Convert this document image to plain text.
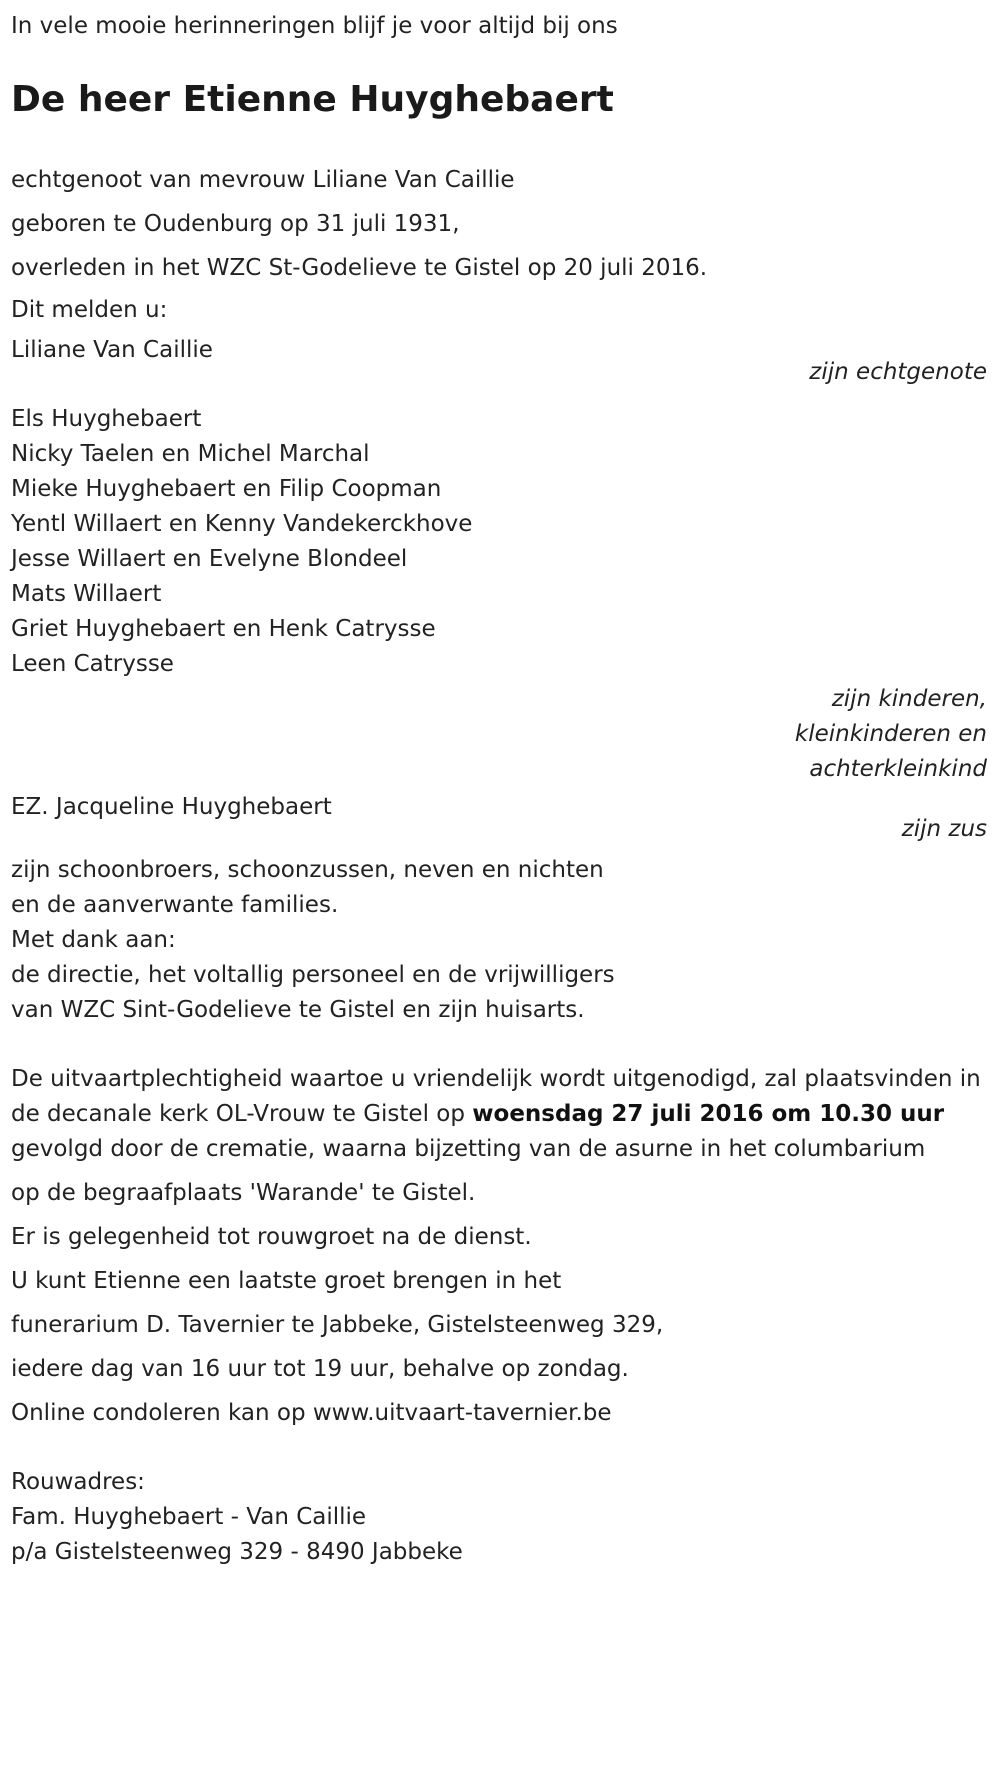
In vele mooie herinneringen blijf je voor altijd bij ons
De heer Etienne Huyghebaert
echtgenoot van mevrouw Liliane Van Caillie
geboren te Oudenburg op 31 juli 1931,
overleden in het WZC St-Godelieve te Gistel op 20 juli 2016.
Dit melden u:
Liliane Van Caillie
zijn echtgenote
Els Huyghebaert
Nicky Taelen en Michel Marchal
Mieke Huyghebaert en Filip Coopman
Yentl Willaert en Kenny Vandekerckhove
Jesse Willaert en Evelyne Blondeel
Mats Willaert
Griet Huyghebaert en Henk Catrysse
Leen Catrysse
zijn kinderen,
kleinkinderen en
achterkleinkind
EZ. Jacqueline Huyghebaert
zijn zus
zijn schoonbroers, schoonzussen, neven en nichten
en de aanverwante families.
Met dank aan:
de directie, het voltallig personeel en de vrijwilligers
van WZC Sint-Godelieve te Gistel en zijn huisarts.
De uitvaartplechtigheid waartoe u vriendelijk wordt uitgenodigd, zal plaatsvinden in de decanale kerk OL-Vrouw te Gistel op woensdag 27 juli 2016 om 10.30 uur gevolgd door de crematie, waarna bijzetting van de asurne in het columbarium
op de begraafplaats 'Warande' te Gistel.
Er is gelegenheid tot rouwgroet na de dienst.
U kunt Etienne een laatste groet brengen in het
funerarium D. Tavernier te Jabbeke, Gistelsteenweg 329,
iedere dag van 16 uur tot 19 uur, behalve op zondag.
Online condoleren kan op www.uitvaart-tavernier.be
Rouwadres:
Fam. Huyghebaert - Van Caillie
p/a Gistelsteenweg 329 - 8490 Jabbeke
